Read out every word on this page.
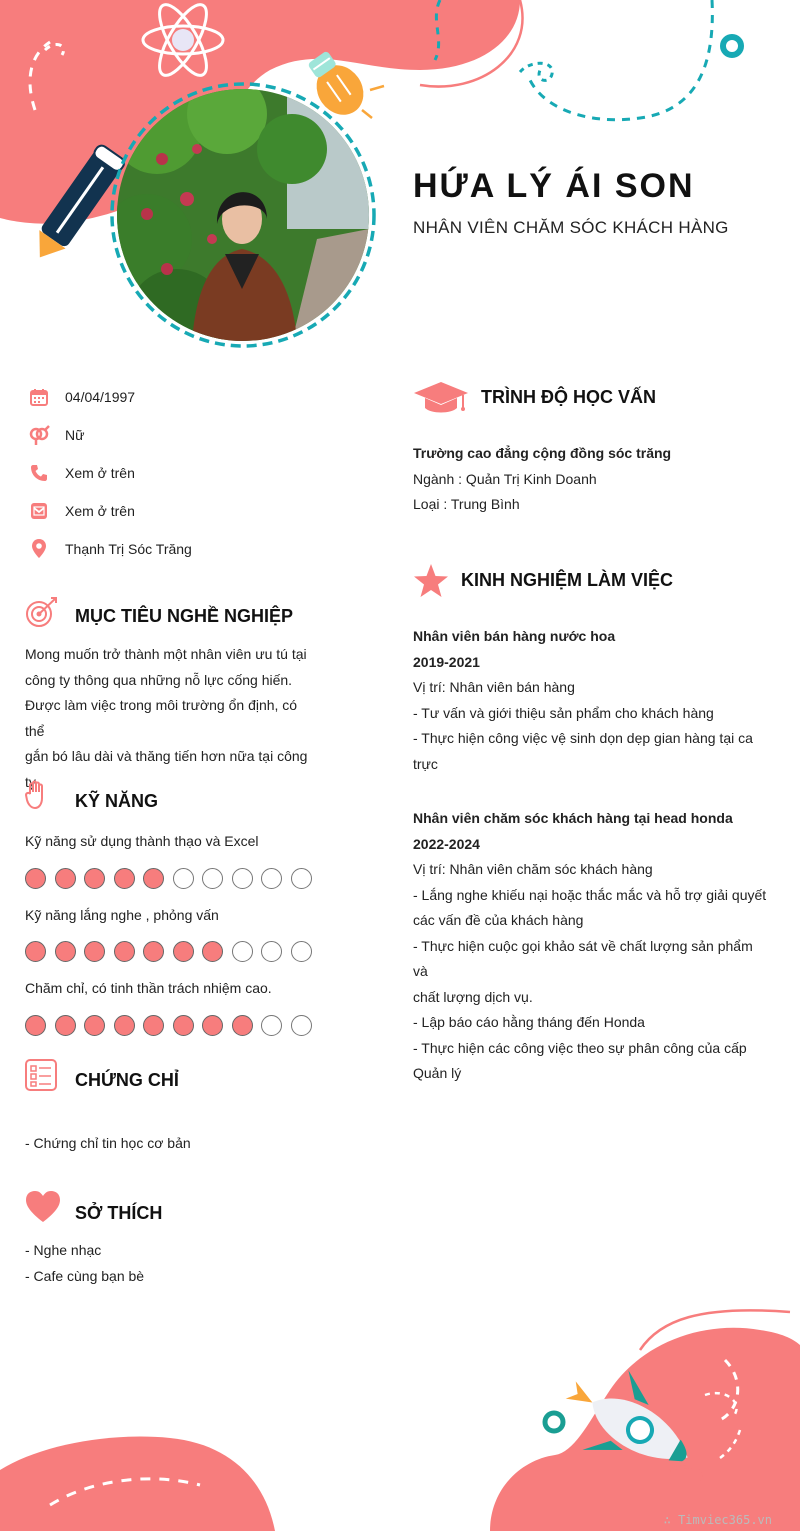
HỨA LÝ ÁI SON
NHÂN VIÊN CHĂM SÓC KHÁCH HÀNG
04/04/1997
Nữ
Xem ở trên
Xem ở trên
Thạnh Trị Sóc Trăng
MỤC TIÊU NGHỀ NGHIỆP
Mong muốn trở thành một nhân viên ưu tú tại
công ty thông qua những nỗ lực cống hiến.
Được làm việc trong môi trường ổn định, có thể
gắn bó lâu dài và thăng tiến hơn nữa tại công
ty
KỸ NĂNG
Kỹ năng sử dụng thành thạo và Excel
Kỹ năng lắng nghe , phỏng vấn
Chăm chỉ, có tinh thần trách nhiệm cao.
CHỨNG CHỈ
- Chứng chỉ tin học cơ bản
SỞ THÍCH
- Nghe nhạc
- Cafe cùng bạn bè
TRÌNH ĐỘ HỌC VẤN
Trường cao đẳng cộng đồng sóc trăng
Ngành : Quản Trị Kinh Doanh
Loại : Trung Bình
KINH NGHIỆM LÀM VIỆC
Nhân viên bán hàng nước hoa
2019-2021
Vị trí: Nhân viên bán hàng
- Tư vấn và giới thiệu sản phẩm cho khách hàng
- Thực hiện công việc vệ sinh dọn dẹp gian hàng tại ca
trực
Nhân viên chăm sóc khách hàng tại head honda
2022-2024
Vị trí: Nhân viên chăm sóc khách hàng
- Lắng nghe khiếu nại hoặc thắc mắc và hỗ trợ giải quyết
các vấn đề của khách hàng
- Thực hiện cuộc gọi khảo sát về chất lượng sản phẩm và
chất lượng dịch vụ.
- Lập báo cáo hằng tháng đến Honda
- Thực hiện các công việc theo sự phân công của cấp
Quản lý
∴ Timviec365.vn
